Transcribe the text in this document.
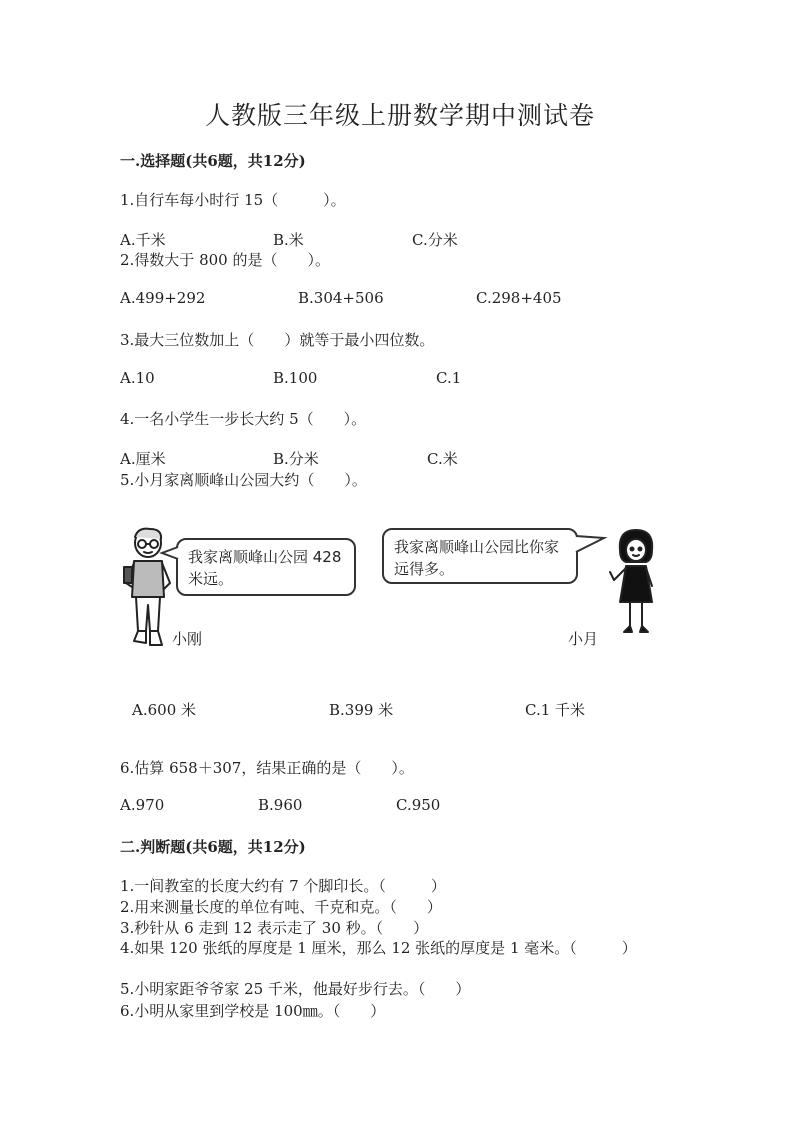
人教版三年级上册数学期中测试卷
一.选择题(共6题，共12分)
1.自行车每小时行 15（　　　）。
A.千米	B.米	C.分米
2.得数大于 800 的是（　　）。
A.499+292	B.304+506	C.298+405
3.最大三位数加上（　　）就等于最小四位数。
A.10	B.100	C.1
4.一名小学生一步长大约 5（　　）。
A.厘米	B.分米	C.米
5.小月家离顺峰山公园大约（　　）。
我家离顺峰山公园 428 米远。
小刚
我家离顺峰山公园比你家远得多。
小月
A.600 米	B.399 米	C.1 千米
6.估算 658＋307，结果正确的是（　　）。
A.970	B.960	C.950
二.判断题(共6题，共12分)
1.一间教室的长度大约有 7 个脚印长。（　　　）
2.用来测量长度的单位有吨、千克和克。（　　）
3.秒针从 6 走到 12 表示走了 30 秒。（　　）
4.如果 120 张纸的厚度是 1 厘米，那么 12 张纸的厚度是 1 毫米。（　　　）
5.小明家距爷爷家 25 千米，他最好步行去。（　　）
6.小明从家里到学校是 100㎜。（　　）
